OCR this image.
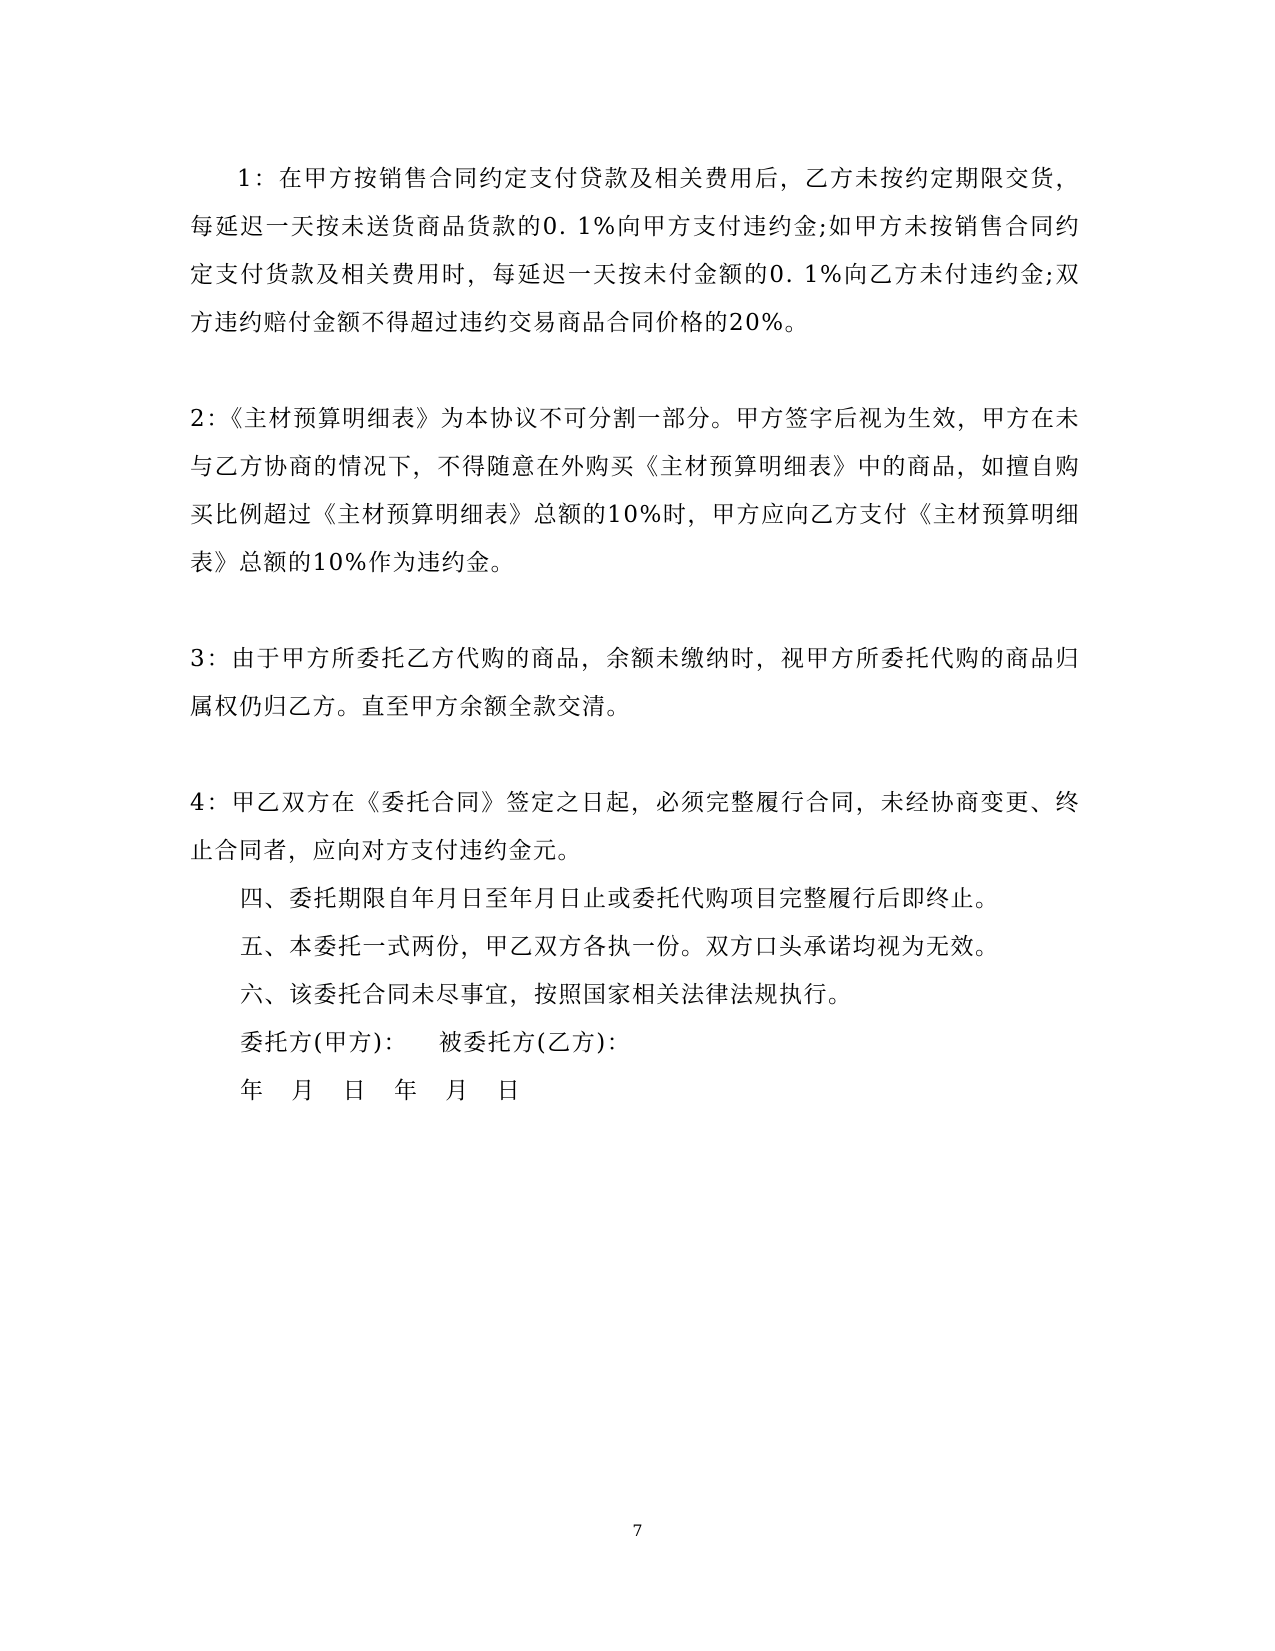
1：在甲方按销售合同约定支付贷款及相关费用后，乙方未按约定期限交货，每延迟一天按未送货商品货款的0. 1%向甲方支付违约金;如甲方未按销售合同约定支付货款及相关费用时，每延迟一天按未付金额的0. 1%向乙方未付违约金;双方违约赔付金额不得超过违约交易商品合同价格的20%。

2：《主材预算明细表》为本协议不可分割一部分。甲方签字后视为生效，甲方在未与乙方协商的情况下，不得随意在外购买《主材预算明细表》中的商品，如擅自购买比例超过《主材预算明细表》总额的10%时，甲方应向乙方支付《主材预算明细表》总额的10%作为违约金。

3：由于甲方所委托乙方代购的商品，余额未缴纳时，视甲方所委托代购的商品归属权仍归乙方。直至甲方余额全款交清。

4：甲乙双方在《委托合同》签定之日起，必须完整履行合同，未经协商变更、终止合同者，应向对方支付违约金元。

四、委托期限自年月日至年月日止或委托代购项目完整履行后即终止。

五、本委托一式两份，甲乙双方各执一份。双方口头承诺均视为无效。

六、该委托合同未尽事宜，按照国家相关法律法规执行。

委托方(甲方)： 被委托方(乙方)：

年 月 日 年 月 日

7
